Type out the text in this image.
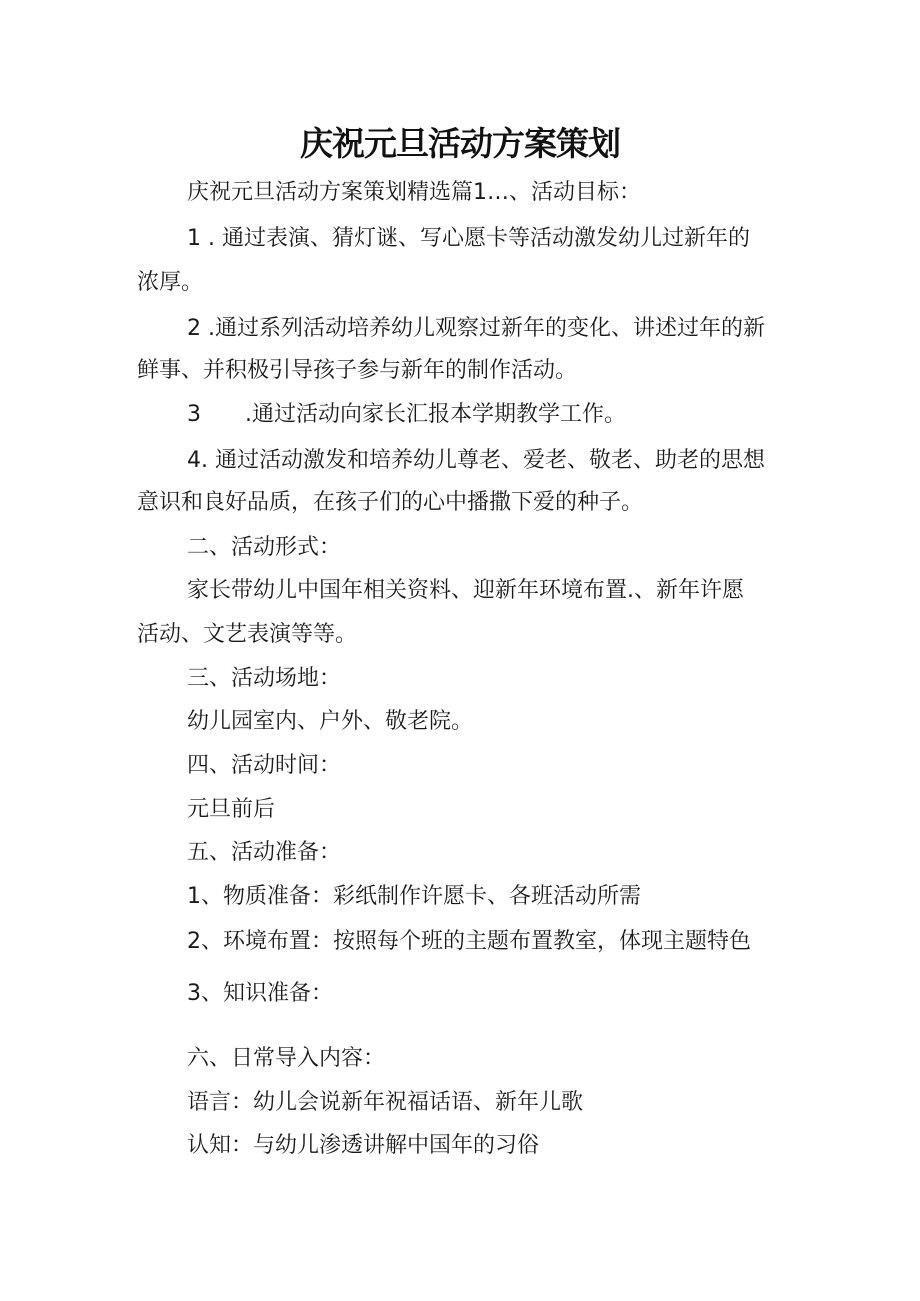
庆祝元旦活动方案策划
庆祝元旦活动方案策划精选篇1…、活动目标：
1 . 通过表演、猜灯谜、写心愿卡等活动激发幼儿过新年的
浓厚。
2 .通过系列活动培养幼儿观察过新年的变化、讲述过年的新
鲜事、并积极引导孩子参与新年的制作活动。
3　　.通过活动向家长汇报本学期教学工作。
4. 通过活动激发和培养幼儿尊老、爱老、敬老、助老的思想
意识和良好品质，在孩子们的心中播撒下爱的种子。
二、活动形式：
家长带幼儿中国年相关资料、迎新年环境布置.、新年许愿
活动、文艺表演等等。
三、活动场地：
幼儿园室内、户外、敬老院。
四、活动时间：
元旦前后
五、活动准备：
1、物质准备：彩纸制作许愿卡、各班活动所需
2、环境布置：按照每个班的主题布置教室，体现主题特色
3、知识准备：
六、日常导入内容：
语言：幼儿会说新年祝福话语、新年儿歌
认知：与幼儿渗透讲解中国年的习俗
